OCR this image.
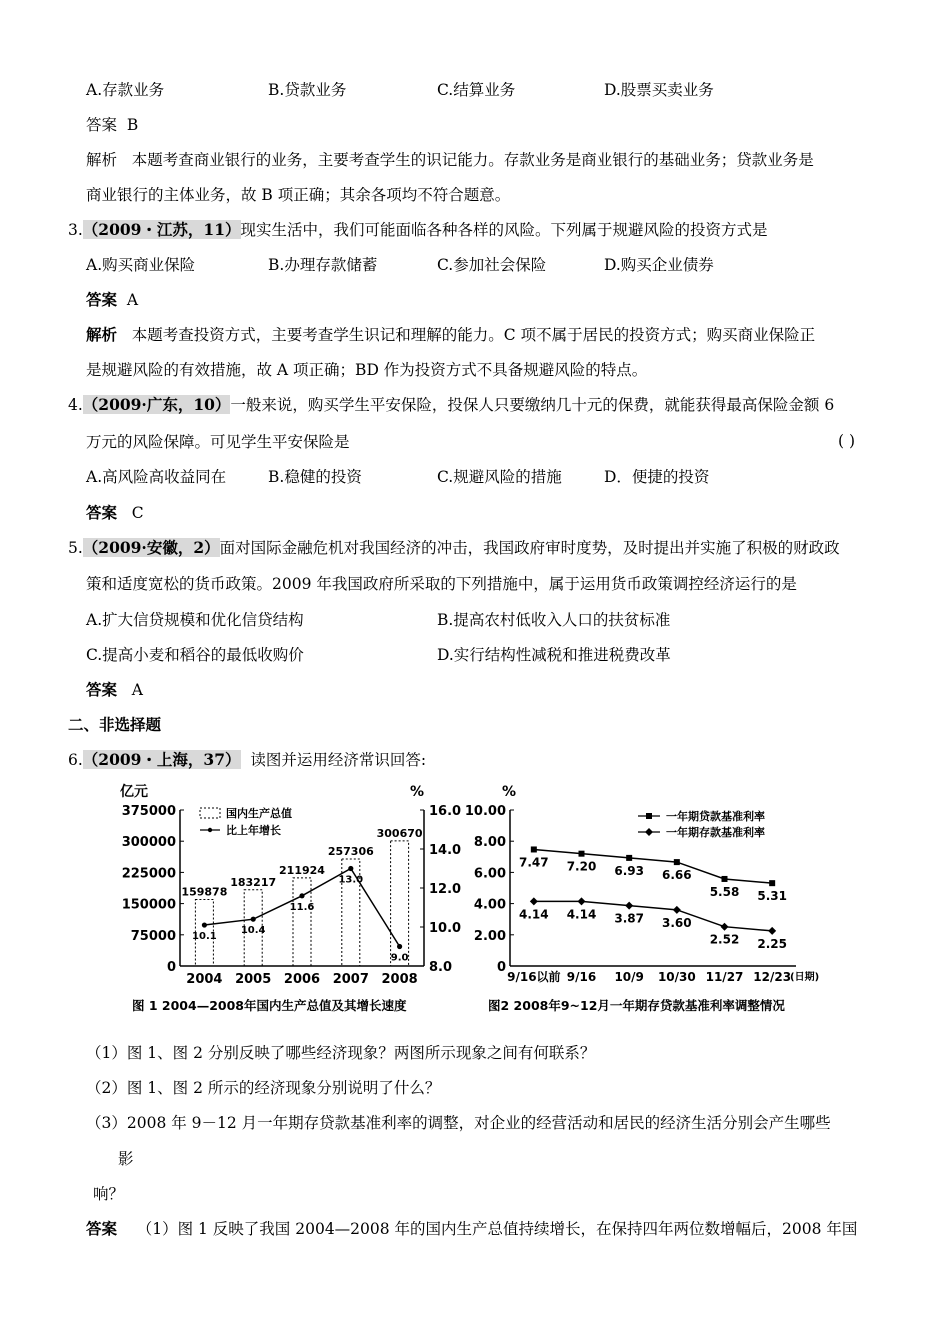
A.存款业务	B.贷款业务	C.结算业务	D.股票买卖业务
答案 B
解析 本题考查商业银行的业务，主要考查学生的识记能力。存款业务是商业银行的基础业务；贷款业务是
商业银行的主体业务，故 B 项正确；其余各项均不符合题意。
3.（2009・江苏，11）现实生活中，我们可能面临各种各样的风险。下列属于规避风险的投资方式是
A.购买商业保险	B.办理存款储蓄	C.参加社会保险	D.购买企业债券
答案 A
解析 本题考查投资方式，主要考查学生识记和理解的能力。C 项不属于居民的投资方式；购买商业保险正
是规避风险的有效措施，故 A 项正确；BD 作为投资方式不具备规避风险的特点。
4.（2009·广东，10）一般来说，购买学生平安保险，投保人只要缴纳几十元的保费，就能获得最高保险金额 6
万元的风险保障。可见学生平安保险是	( )
A.高风险高收益同在	B.稳健的投资	C.规避风险的措施	D．便捷的投资
答案 C
5.（2009·安徽，2）面对国际金融危机对我国经济的冲击，我国政府审时度势，及时提出并实施了积极的财政政
策和适度宽松的货币政策。2009 年我国政府所采取的下列措施中，属于运用货币政策调控经济运行的是
A.扩大信贷规模和优化信贷结构	B.提高农村低收入人口的扶贫标准
C.提高小麦和稻谷的最低收购价	D.实行结构性减税和推进税费改革
答案 A
二、非选择题
6.（2009・上海，37） 读图并运用经济常识回答:
亿元	%
375000
300000
225000
150000
75000
0
16.0
14.0
12.0
10.0
8.0
159878
183217
211924
257306
300670
10.1
10.4
11.6
13.0
9.0
2004 2005 2006 2007 2008
国内生产总值
比上年增长
图 1 2004—2008年国内生产总值及其增长速度
%
10.00
8.00
6.00
4.00
2.00
0
7.47 7.20 6.93 6.66
5.58 5.31
4.14 4.14 3.87 3.60
2.52 2.25
9/16以前 9/16 10/9 10/30 11/27 12/23
(日期)
一年期贷款基准利率
一年期存款基准利率
图2 2008年9~12月一年期存贷款基准利率调整情况
（1）图 1、图 2 分别反映了哪些经济现象？两图所示现象之间有何联系？
（2）图 1、图 2 所示的经济现象分别说明了什么？
（3）2008 年 9－12 月一年期存贷款基准利率的调整，对企业的经营活动和居民的经济生活分别会产生哪些
影
响？
答案 （1）图 1 反映了我国 2004—2008 年的国内生产总值持续增长，在保持四年两位数增幅后，2008 年国
